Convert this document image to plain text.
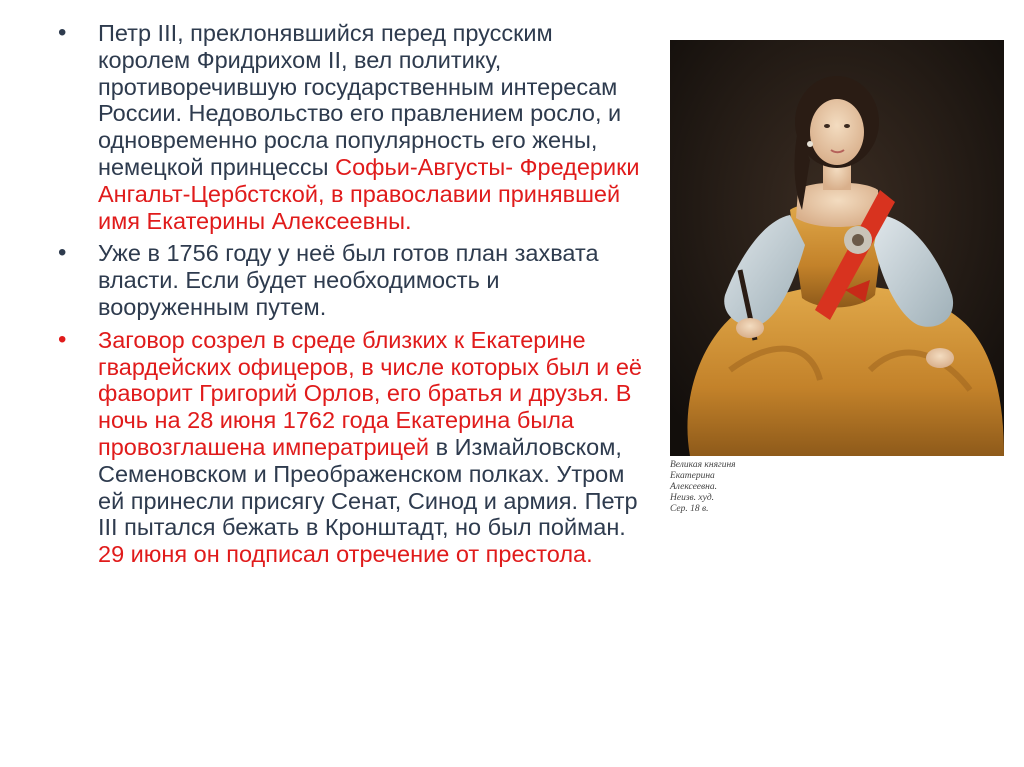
• Петр III, преклонявшийся перед прусским королем Фридрихом II, вел политику, противоречившую государственным интересам России. Недовольство его правлением росло, и одновременно росла популярность его жены, немецкой принцессы Софьи-Августы- Фредерики Ангальт-Цербстской, в православии принявшей имя Екатерины Алексеевны.
• Уже в 1756 году у неё был готов план захвата власти. Если будет необходимость и вооруженным путем.
• Заговор созрел в среде близких к Екатерине гвардейских офицеров, в числе которых был и её фаворит Григорий Орлов, его братья и друзья. В ночь на 28 июня 1762 года Екатерина была провозглашена императрицей в Измайловском, Семеновском и Преображенском полках. Утром ей принесли присягу Сенат, Синод и армия. Петр III пытался бежать в Кронштадт, но был пойман. 29 июня он подписал отречение от престола.
Великая княгиня
Екатерина
Алексеевна.
Неизв. худ.
Сер. 18 в.
